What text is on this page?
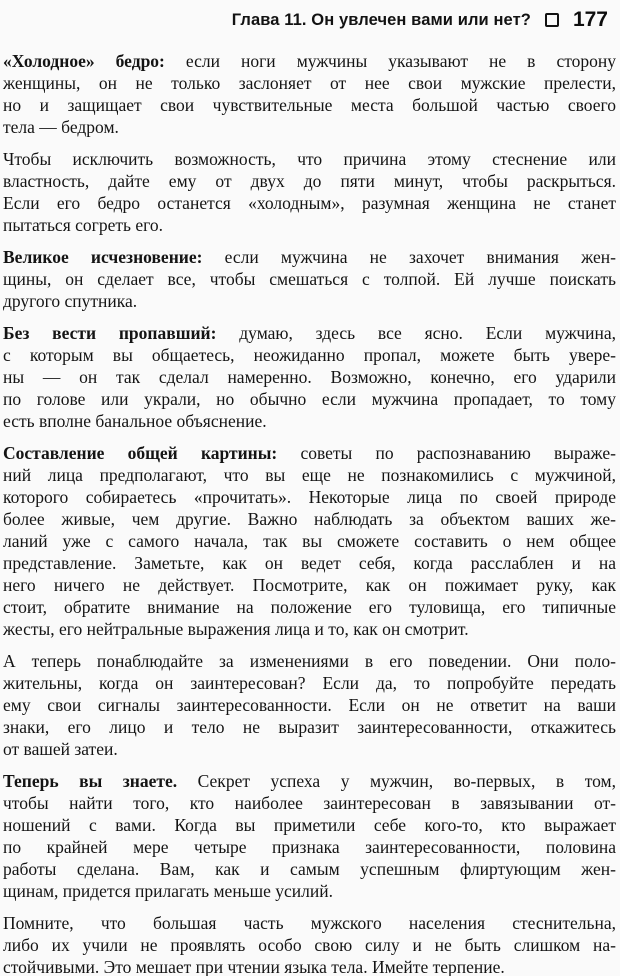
Глава 11. Он увлечен вами или нет? 177

«Холодное» бедро: если ноги мужчины указывают не в сторону
женщины, он не только заслоняет от нее свои мужские прелести,
но и защищает свои чувствительные места большой частью своего
тела — бедром.

Чтобы исключить возможность, что причина этому стеснение или
властность, дайте ему от двух до пяти минут, чтобы раскрыться.
Если его бедро останется «холодным», разумная женщина не станет
пытаться согреть его.

Великое исчезновение: если мужчина не захочет внимания жен-
щины, он сделает все, чтобы смешаться с толпой. Ей лучше поискать
другого спутника.

Без вести пропавший: думаю, здесь все ясно. Если мужчина,
с которым вы общаетесь, неожиданно пропал, можете быть увере-
ны — он так сделал намеренно. Возможно, конечно, его ударили
по голове или украли, но обычно если мужчина пропадает, то тому
есть вполне банальное объяснение.

Составление общей картины: советы по распознаванию выраже-
ний лица предполагают, что вы еще не познакомились с мужчиной,
которого собираетесь «прочитать». Некоторые лица по своей природе
более живые, чем другие. Важно наблюдать за объектом ваших же-
ланий уже с самого начала, так вы сможете составить о нем общее
представление. Заметьте, как он ведет себя, когда расслаблен и на
него ничего не действует. Посмотрите, как он пожимает руку, как
стоит, обратите внимание на положение его туловища, его типичные
жесты, его нейтральные выражения лица и то, как он смотрит.

А теперь понаблюдайте за изменениями в его поведении. Они поло-
жительны, когда он заинтересован? Если да, то попробуйте передать
ему свои сигналы заинтересованности. Если он не ответит на ваши
знаки, его лицо и тело не выразит заинтересованности, откажитесь
от вашей затеи.

Теперь вы знаете. Секрет успеха у мужчин, во-первых, в том,
чтобы найти того, кто наиболее заинтересован в завязывании от-
ношений с вами. Когда вы приметили себе кого-то, кто выражает
по крайней мере четыре признака заинтересованности, половина
работы сделана. Вам, как и самым успешным флиртующим жен-
щинам, придется прилагать меньше усилий.

Помните, что большая часть мужского населения стеснительна,
либо их учили не проявлять особо свою силу и не быть слишком на-
стойчивыми. Это мешает при чтении языка тела. Имейте терпение.
